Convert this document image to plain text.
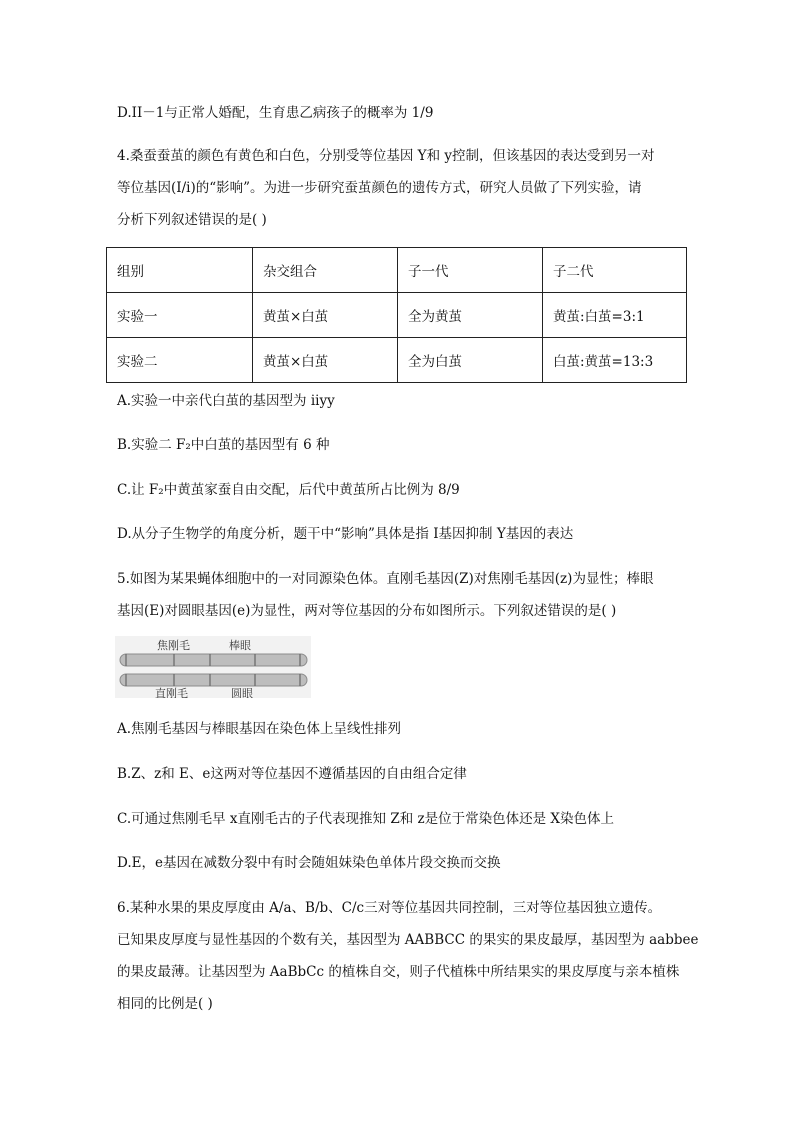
D.II－1与正常人婚配，生育患乙病孩子的概率为 1/9
4.桑蚕蚕茧的颜色有黄色和白色，分别受等位基因 Y和 y控制，但该基因的表达受到另一对
等位基因(I/i)的“影响”。为进一步研究蚕茧颜色的遗传方式，研究人员做了下列实验，请
分析下列叙述错误的是( )
组别	杂交组合	子一代	子二代
实验一	黄茧×白茧	全为黄茧	黄茧:白茧=3:1
实验二	黄茧×白茧	全为白茧	白茧:黄茧=13:3
A.实验一中亲代白茧的基因型为 iiyy
B.实验二 F₂中白茧的基因型有 6 种
C.让 F₂中黄茧家蚕自由交配，后代中黄茧所占比例为 8/9
D.从分子生物学的角度分析，题干中“影响”具体是指 I基因抑制 Y基因的表达
5.如图为某果蝇体细胞中的一对同源染色体。直刚毛基因(Z)对焦刚毛基因(z)为显性；棒眼
基因(E)对圆眼基因(e)为显性，两对等位基因的分布如图所示。下列叙述错误的是( )
焦刚毛	棒眼
直刚毛	圆眼
A.焦刚毛基因与棒眼基因在染色体上呈线性排列
B.Z、z和 E、e这两对等位基因不遵循基因的自由组合定律
C.可通过焦刚毛早 x直刚毛古的子代表现推知 Z和 z是位于常染色体还是 X染色体上
D.E，e基因在减数分裂中有时会随姐妹染色单体片段交换而交换
6.某种水果的果皮厚度由 A/a、B/b、C/c三对等位基因共同控制，三对等位基因独立遗传。
已知果皮厚度与显性基因的个数有关，基因型为 AABBCC 的果实的果皮最厚，基因型为 aabbee
的果皮最薄。让基因型为 AaBbCc 的植株自交，则子代植株中所结果实的果皮厚度与亲本植株
相同的比例是( )
